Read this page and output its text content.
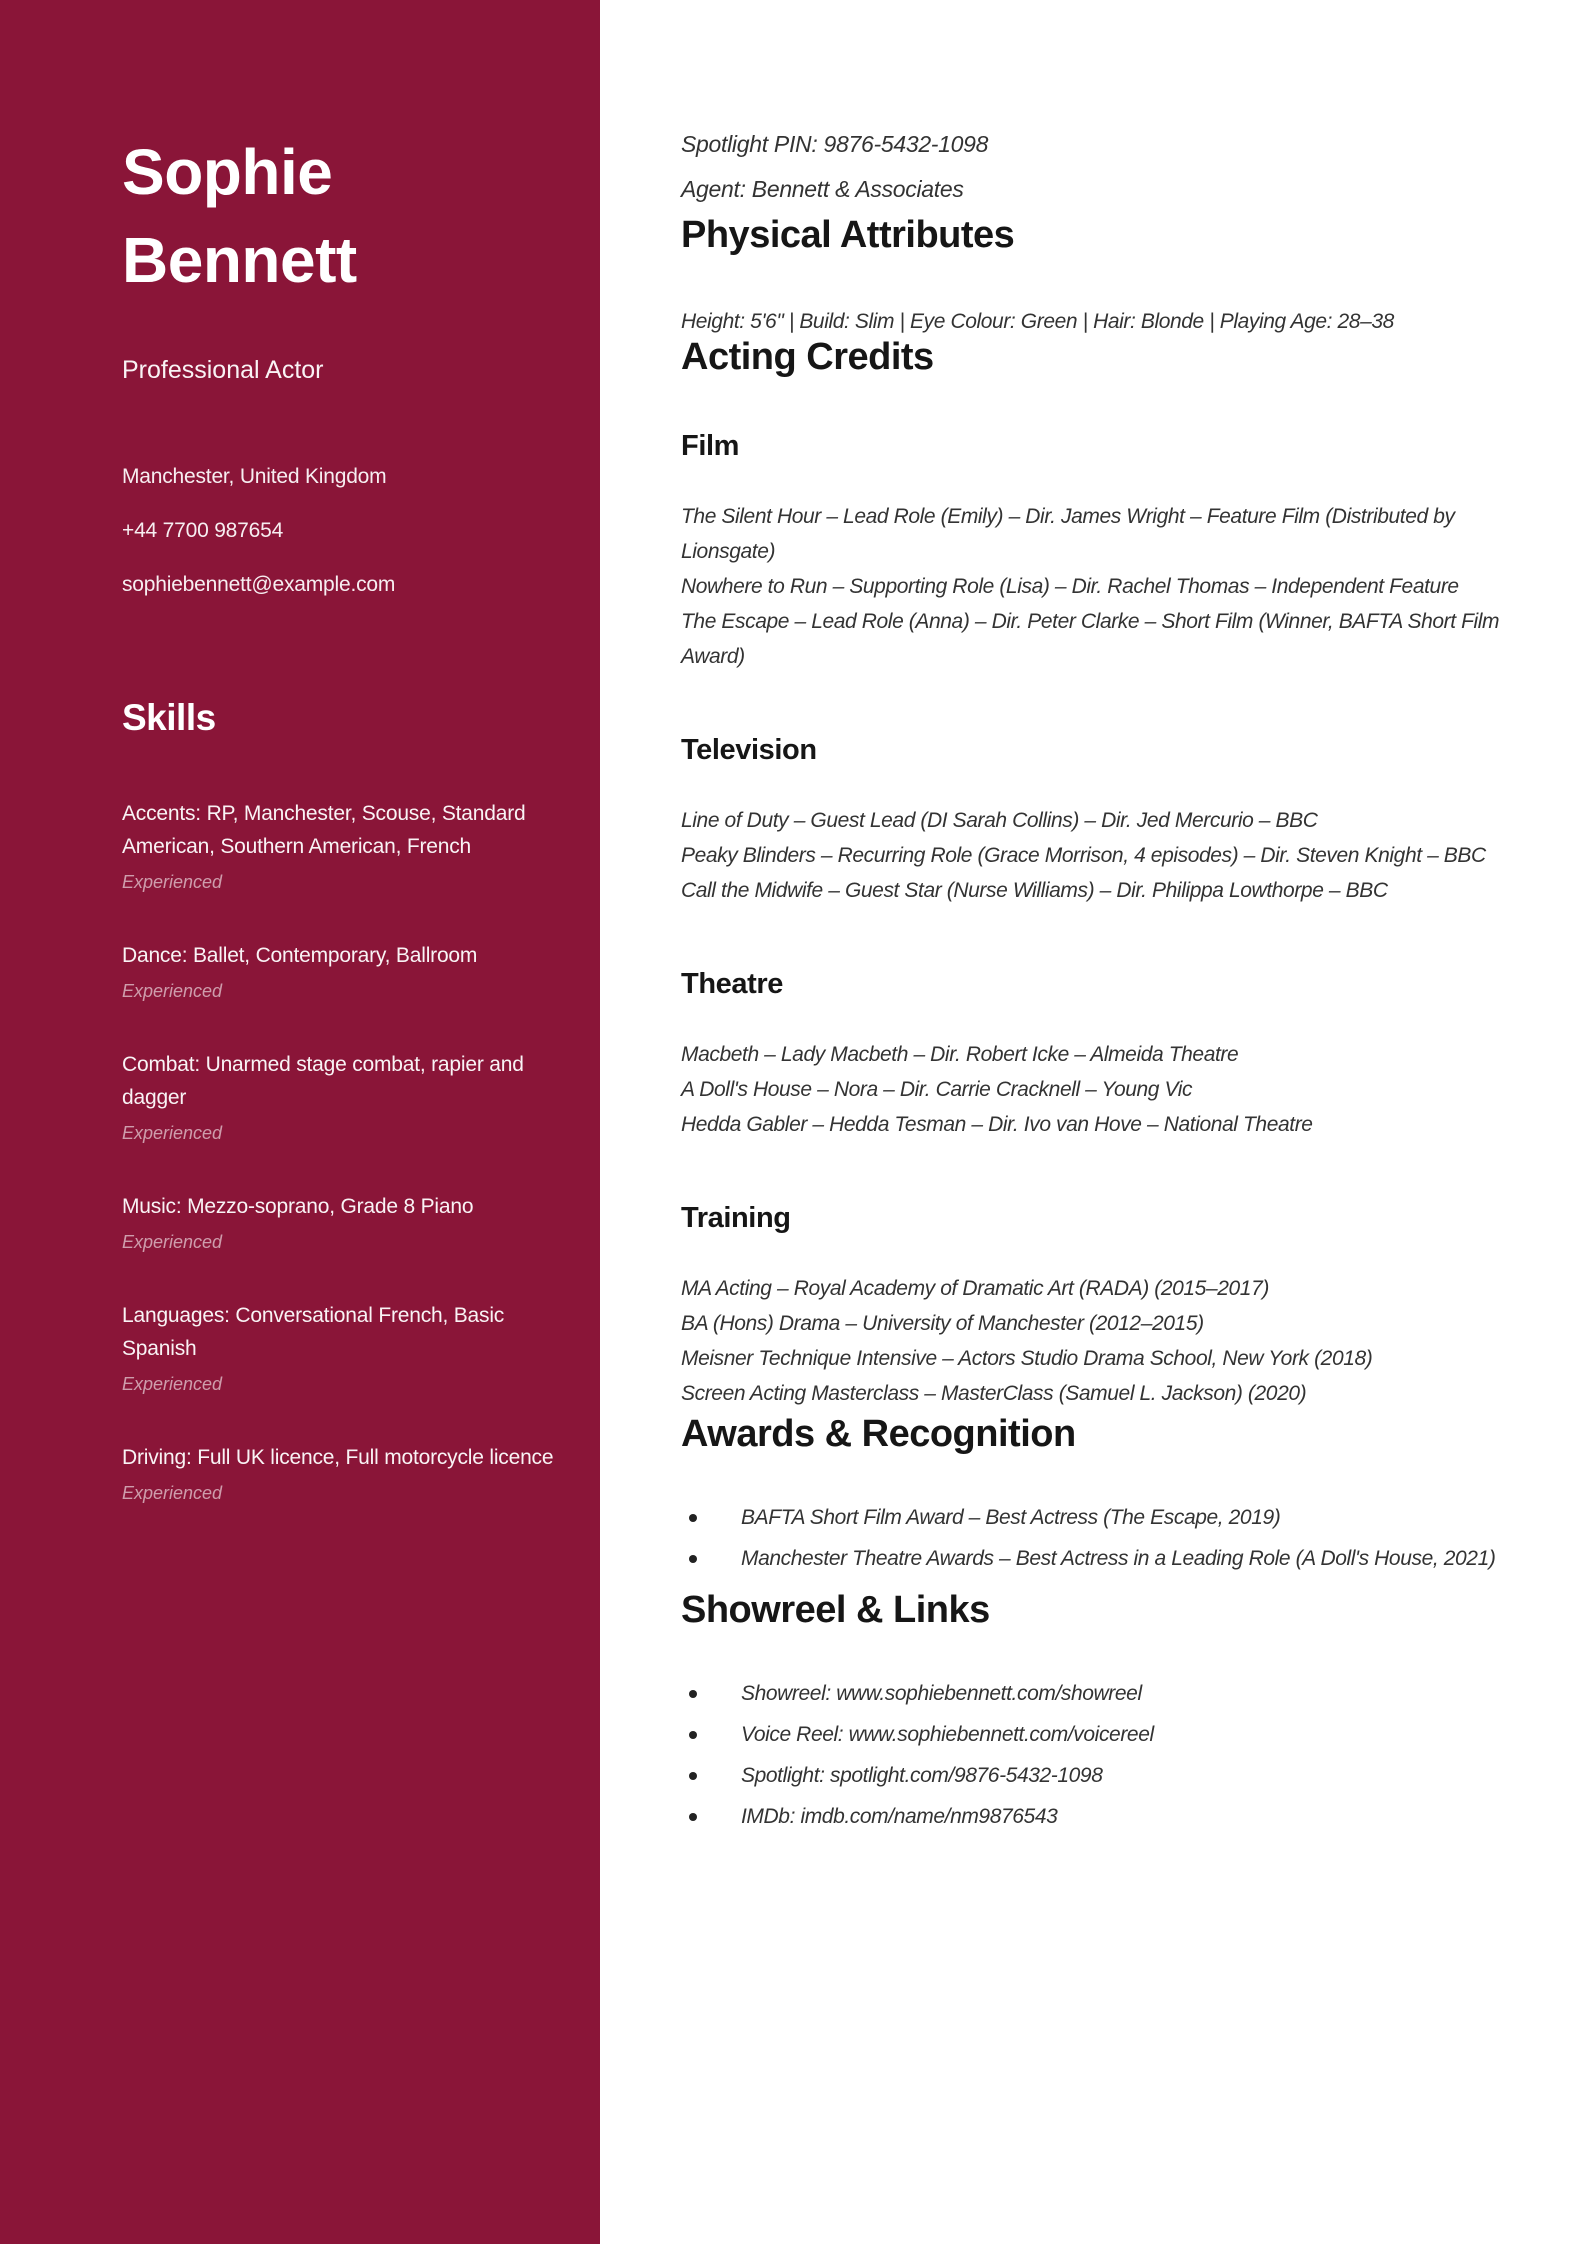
Sophie
Bennett
Professional Actor
Manchester, United Kingdom
+44 7700 987654
sophiebennett@example.com
Skills
Accents: RP, Manchester, Scouse, Standard American, Southern American, French
Experienced
Dance: Ballet, Contemporary, Ballroom
Experienced
Combat: Unarmed stage combat, rapier and dagger
Experienced
Music: Mezzo-soprano, Grade 8 Piano
Experienced
Languages: Conversational French, Basic Spanish
Experienced
Driving: Full UK licence, Full motorcycle licence
Experienced
Spotlight PIN: 9876-5432-1098
Agent: Bennett & Associates
Physical Attributes
Height: 5'6" | Build: Slim | Eye Colour: Green | Hair: Blonde | Playing Age: 28–38
Acting Credits
Film
The Silent Hour – Lead Role (Emily) – Dir. James Wright – Feature Film (Distributed by Lionsgate)
Nowhere to Run – Supporting Role (Lisa) – Dir. Rachel Thomas – Independent Feature
The Escape – Lead Role (Anna) – Dir. Peter Clarke – Short Film (Winner, BAFTA Short Film Award)
Television
Line of Duty – Guest Lead (DI Sarah Collins) – Dir. Jed Mercurio – BBC
Peaky Blinders – Recurring Role (Grace Morrison, 4 episodes) – Dir. Steven Knight – BBC
Call the Midwife – Guest Star (Nurse Williams) – Dir. Philippa Lowthorpe – BBC
Theatre
Macbeth – Lady Macbeth – Dir. Robert Icke – Almeida Theatre
A Doll's House – Nora – Dir. Carrie Cracknell – Young Vic
Hedda Gabler – Hedda Tesman – Dir. Ivo van Hove – National Theatre
Training
MA Acting – Royal Academy of Dramatic Art (RADA) (2015–2017)
BA (Hons) Drama – University of Manchester (2012–2015)
Meisner Technique Intensive – Actors Studio Drama School, New York (2018)
Screen Acting Masterclass – MasterClass (Samuel L. Jackson) (2020)
Awards & Recognition
BAFTA Short Film Award – Best Actress (The Escape, 2019)
Manchester Theatre Awards – Best Actress in a Leading Role (A Doll's House, 2021)
Showreel & Links
Showreel: www.sophiebennett.com/showreel
Voice Reel: www.sophiebennett.com/voicereel
Spotlight: spotlight.com/9876-5432-1098
IMDb: imdb.com/name/nm9876543
